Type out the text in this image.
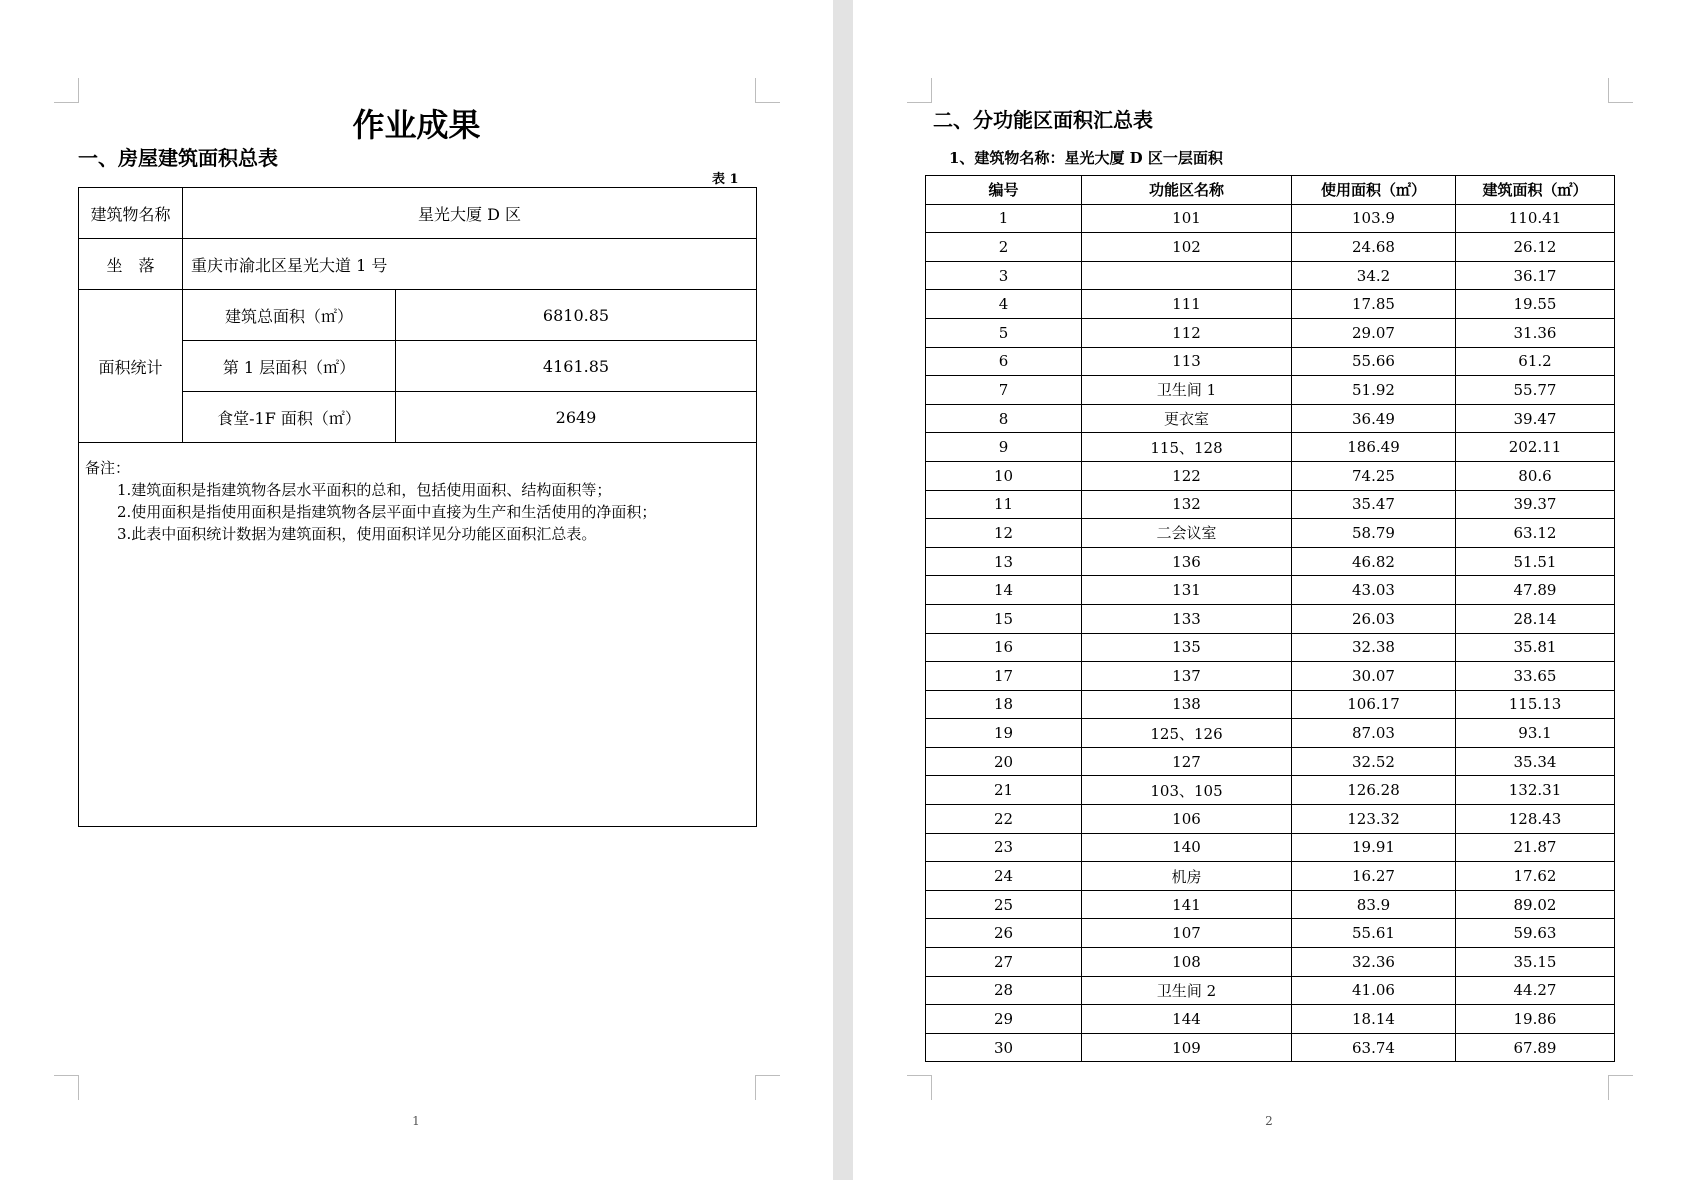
作业成果
一、房屋建筑面积总表
表 1
建筑物名称	星光大厦 D 区	
坐　落	重庆市渝北区星光大道 1 号	
面积统计	建筑总面积（㎡）	6810.85
	第 1 层面积（㎡）	4161.85
	食堂-1F 面积（㎡）	2649

备注：
1.建筑面积是指建筑物各层水平面积的总和，包括使用面积、结构面积等；
2.使用面积是指使用面积是指建筑物各层平面中直接为生产和生活使用的净面积；
3.此表中面积统计数据为建筑面积，使用面积详见分功能区面积汇总表。		
1
二、分功能区面积汇总表
1、建筑物名称：星光大厦 D 区一层面积
编号	功能区名称	使用面积（㎡）	建筑面积（㎡）
1	101	103.9	110.41
2	102	24.68	26.12
3		34.2	36.17
4	111	17.85	19.55
5	112	29.07	31.36
6	113	55.66	61.2
7	卫生间 1	51.92	55.77
8	更衣室	36.49	39.47
9	115、128	186.49	202.11
10	122	74.25	80.6
11	132	35.47	39.37
12	二会议室	58.79	63.12
13	136	46.82	51.51
14	131	43.03	47.89
15	133	26.03	28.14
16	135	32.38	35.81
17	137	30.07	33.65
18	138	106.17	115.13
19	125、126	87.03	93.1
20	127	32.52	35.34
21	103、105	126.28	132.31
22	106	123.32	128.43
23	140	19.91	21.87
24	机房	16.27	17.62
25	141	83.9	89.02
26	107	55.61	59.63
27	108	32.36	35.15
28	卫生间 2	41.06	44.27
29	144	18.14	19.86
30	109	63.74	67.89
2
